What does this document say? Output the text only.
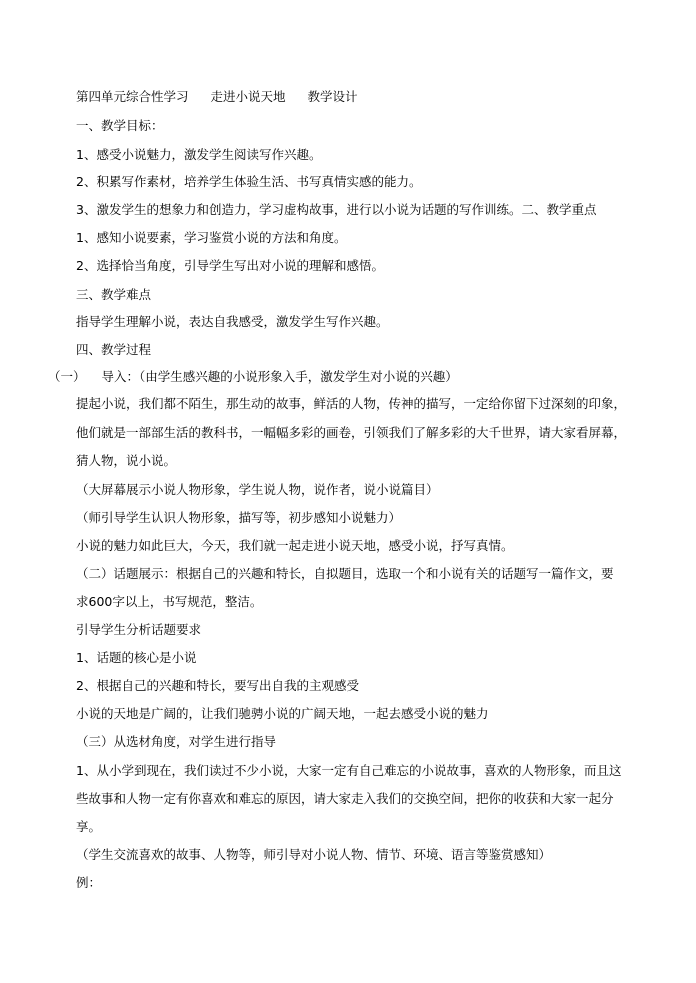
第四单元综合性学习 走进小说天地 教学设计
一、教学目标：
1、感受小说魅力，激发学生阅读写作兴趣。
2、积累写作素材，培养学生体验生活、书写真情实感的能力。
3、激发学生的想象力和创造力，学习虚构故事，进行以小说为话题的写作训练。二、教学重点
1、感知小说要素，学习鉴赏小说的方法和角度。
2、选择恰当角度，引导学生写出对小说的理解和感悟。
三、教学难点
指导学生理解小说，表达自我感受，激发学生写作兴趣。
四、教学过程
（一） 导入：（由学生感兴趣的小说形象入手，激发学生对小说的兴趣）
提起小说，我们都不陌生，那生动的故事，鲜活的人物，传神的描写，一定给你留下过深刻的印象，
他们就是一部部生活的教科书，一幅幅多彩的画卷，引领我们了解多彩的大千世界，请大家看屏幕，
猜人物，说小说。
（大屏幕展示小说人物形象，学生说人物，说作者，说小说篇目）
（师引导学生认识人物形象，描写等，初步感知小说魅力）
小说的魅力如此巨大，今天，我们就一起走进小说天地，感受小说，抒写真情。
（二）话题展示：根据自己的兴趣和特长，自拟题目，选取一个和小说有关的话题写一篇作文，要
求600字以上，书写规范，整洁。
引导学生分析话题要求
1、话题的核心是小说
2、根据自己的兴趣和特长，要写出自我的主观感受
小说的天地是广阔的，让我们驰骋小说的广阔天地，一起去感受小说的魅力
（三）从选材角度，对学生进行指导
1、从小学到现在，我们读过不少小说，大家一定有自己难忘的小说故事，喜欢的人物形象，而且这
些故事和人物一定有你喜欢和难忘的原因，请大家走入我们的交换空间，把你的收获和大家一起分
享。
（学生交流喜欢的故事、人物等，师引导对小说人物、情节、环境、语言等鉴赏感知）
例：
